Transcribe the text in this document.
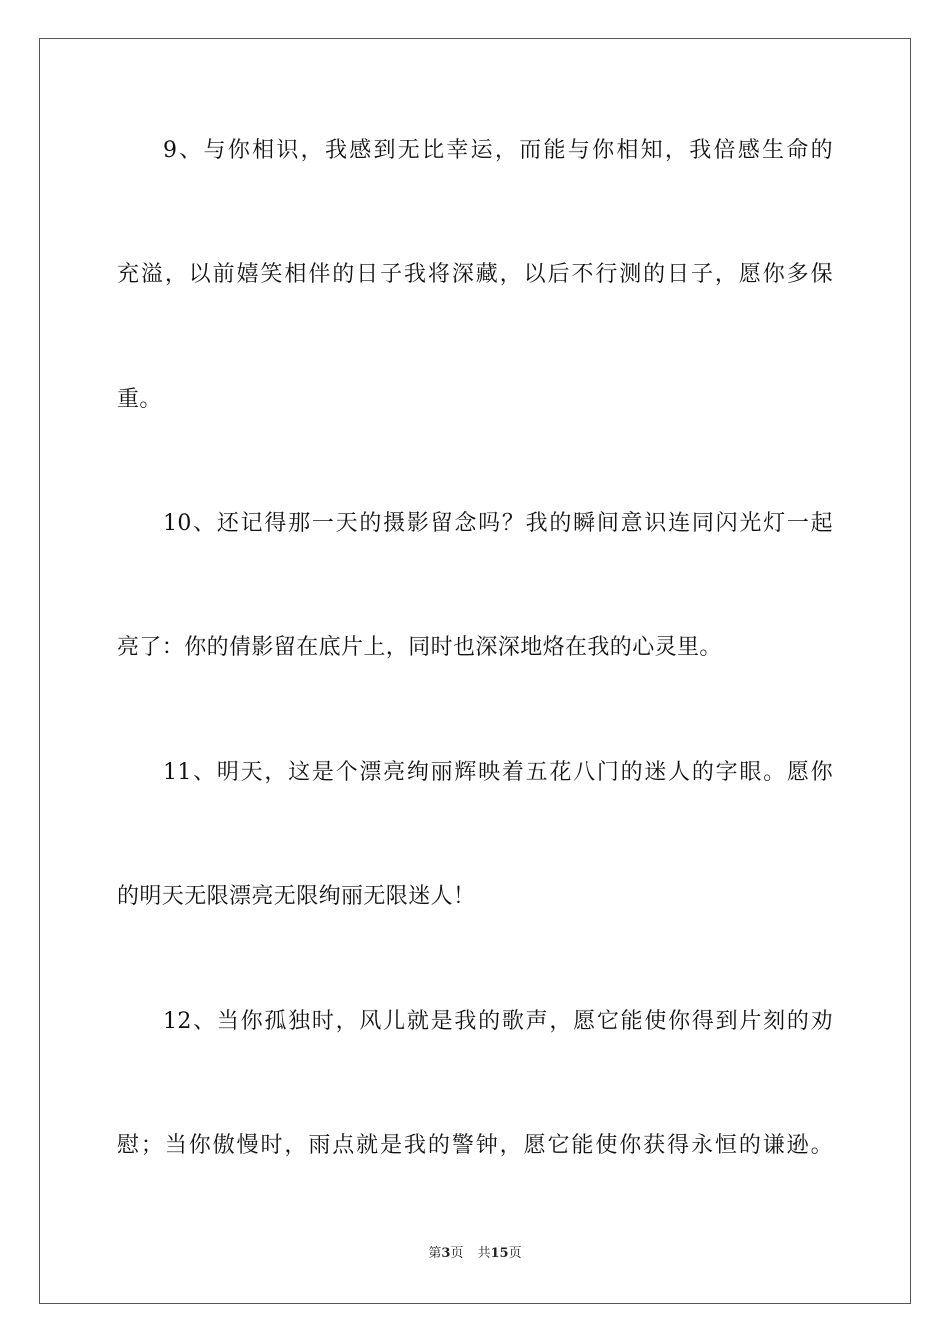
9、与你相识，我感到无比幸运，而能与你相知，我倍感生命的
充溢，以前嬉笑相伴的日子我将深藏，以后不行测的日子，愿你多保
重。
10、还记得那一天的摄影留念吗？我的瞬间意识连同闪光灯一起
亮了：你的倩影留在底片上，同时也深深地烙在我的心灵里。
11、明天，这是个漂亮绚丽辉映着五花八门的迷人的字眼。愿你
的明天无限漂亮无限绚丽无限迷人！
12、当你孤独时，风儿就是我的歌声，愿它能使你得到片刻的劝
慰；当你傲慢时，雨点就是我的警钟，愿它能使你获得永恒的谦逊。
第3页 共15页
